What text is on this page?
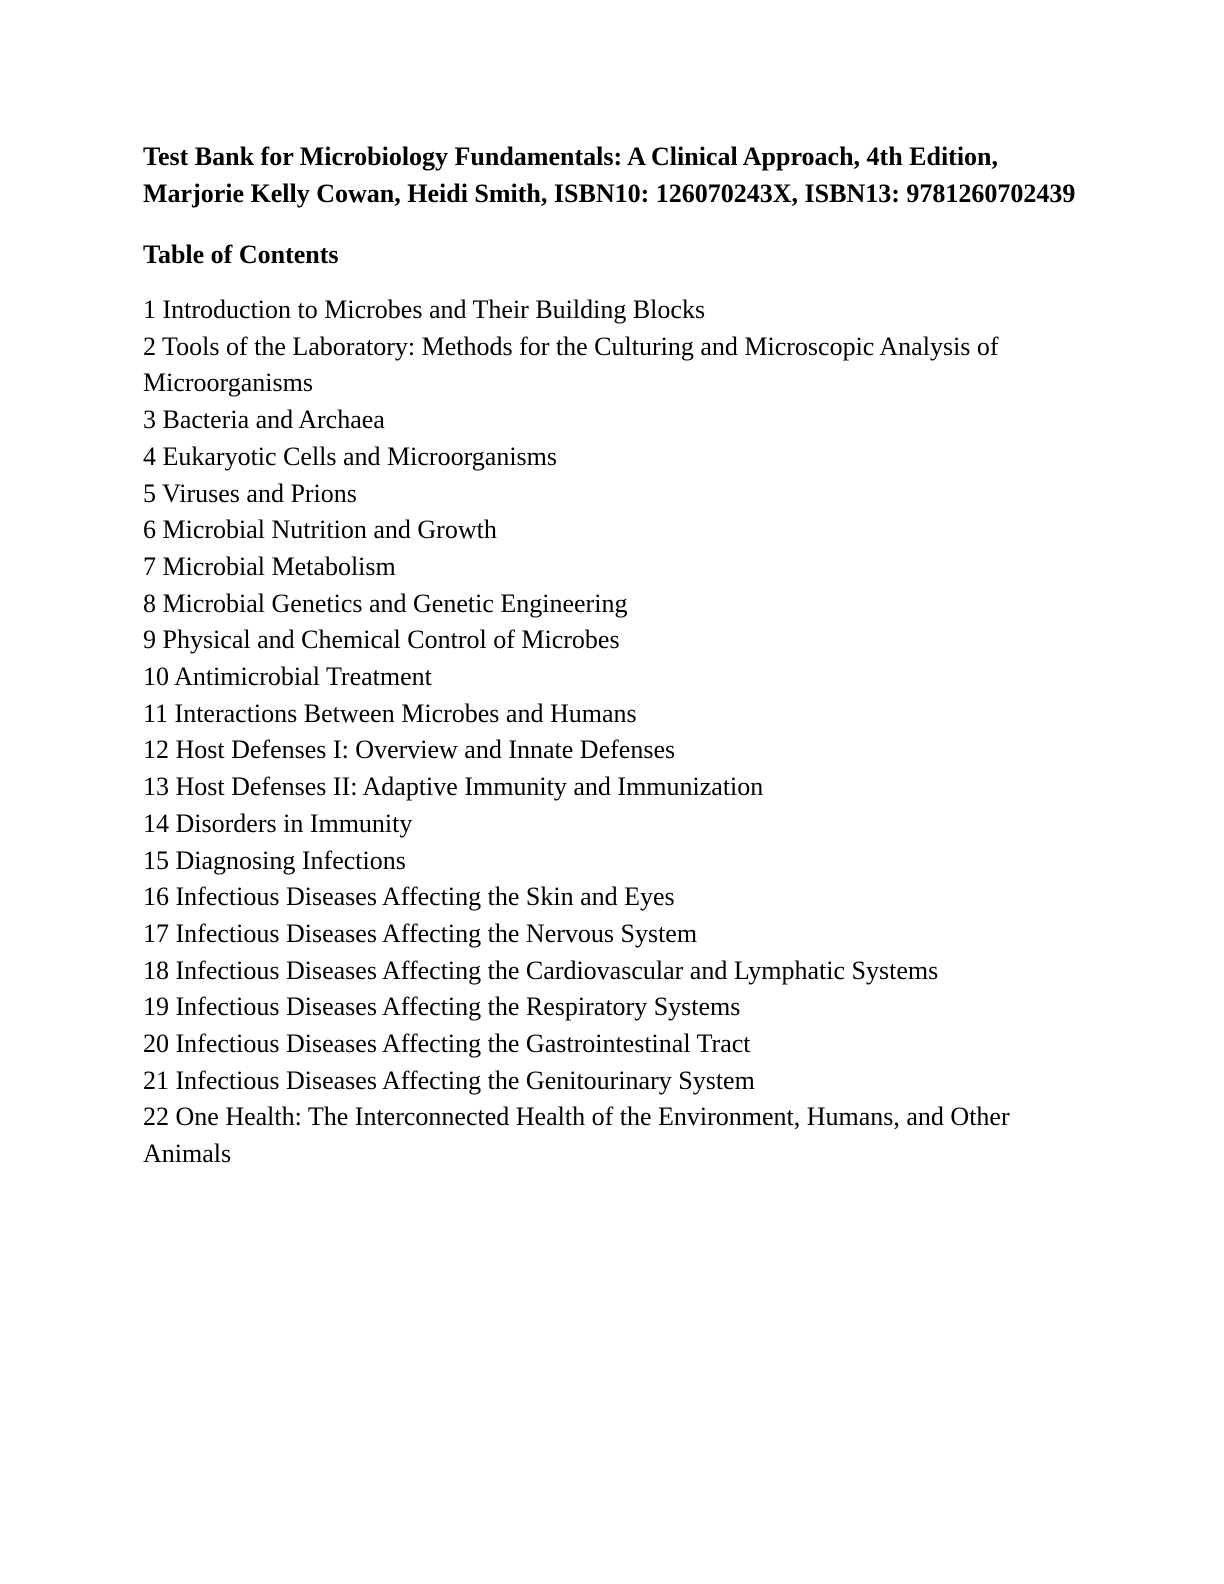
Test Bank for Microbiology Fundamentals: A Clinical Approach, 4th Edition, Marjorie Kelly Cowan, Heidi Smith, ISBN10: 126070243X, ISBN13: 9781260702439
Table of Contents
1 Introduction to Microbes and Their Building Blocks
2 Tools of the Laboratory: Methods for the Culturing and Microscopic Analysis of Microorganisms
3 Bacteria and Archaea
4 Eukaryotic Cells and Microorganisms
5 Viruses and Prions
6 Microbial Nutrition and Growth
7 Microbial Metabolism
8 Microbial Genetics and Genetic Engineering
9 Physical and Chemical Control of Microbes
10 Antimicrobial Treatment
11 Interactions Between Microbes and Humans
12 Host Defenses I: Overview and Innate Defenses
13 Host Defenses II: Adaptive Immunity and Immunization
14 Disorders in Immunity
15 Diagnosing Infections
16 Infectious Diseases Affecting the Skin and Eyes
17 Infectious Diseases Affecting the Nervous System
18 Infectious Diseases Affecting the Cardiovascular and Lymphatic Systems
19 Infectious Diseases Affecting the Respiratory Systems
20 Infectious Diseases Affecting the Gastrointestinal Tract
21 Infectious Diseases Affecting the Genitourinary System
22 One Health: The Interconnected Health of the Environment, Humans, and Other Animals
